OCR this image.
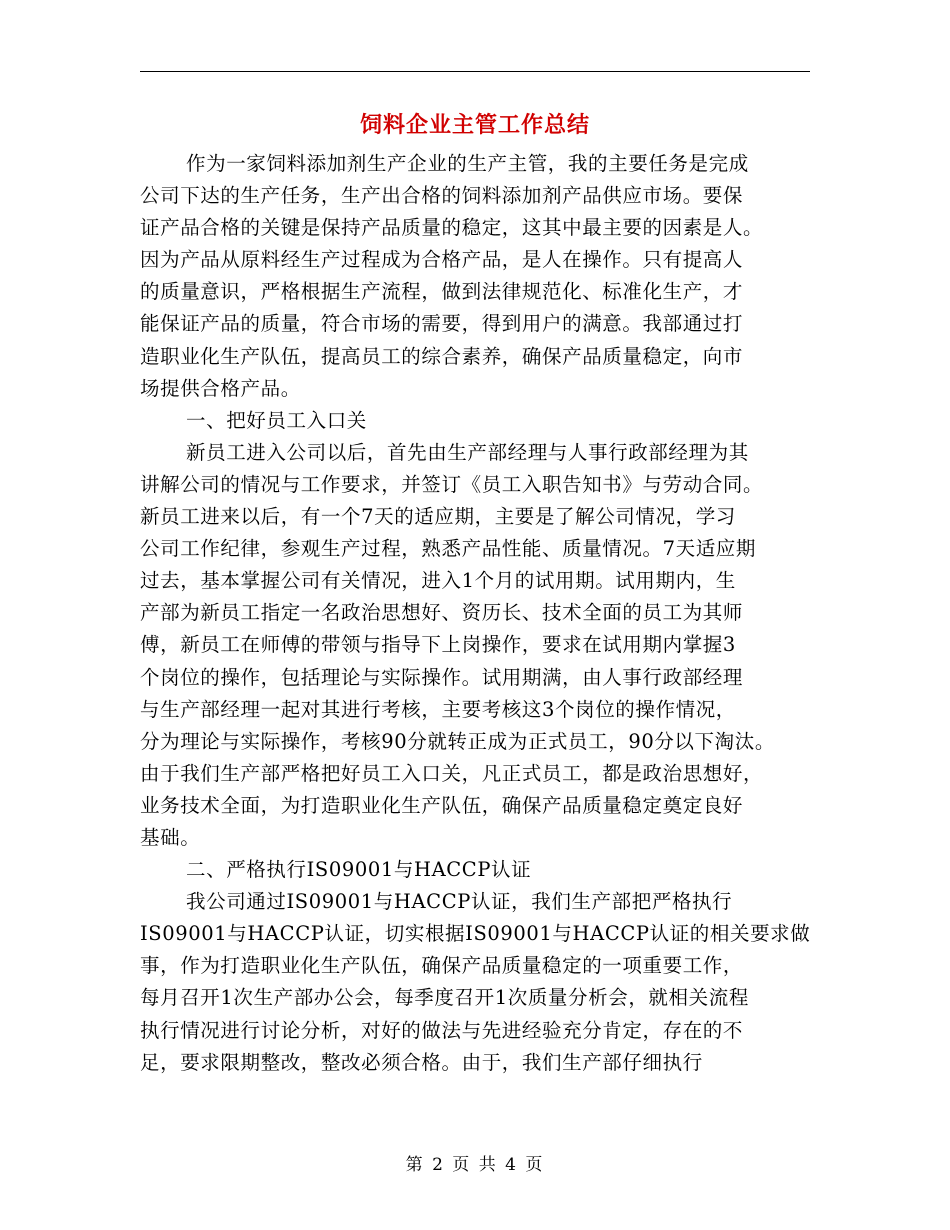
饲料企业主管工作总结
作为一家饲料添加剂生产企业的生产主管，我的主要任务是完成
公司下达的生产任务，生产出合格的饲料添加剂产品供应市场。要保
证产品合格的关键是保持产品质量的稳定，这其中最主要的因素是人。
因为产品从原料经生产过程成为合格产品，是人在操作。只有提高人
的质量意识，严格根据生产流程，做到法律规范化、标准化生产，才
能保证产品的质量，符合市场的需要，得到用户的满意。我部通过打
造职业化生产队伍，提高员工的综合素养，确保产品质量稳定，向市
场提供合格产品。
一、把好员工入口关
新员工进入公司以后，首先由生产部经理与人事行政部经理为其
讲解公司的情况与工作要求，并签订《员工入职告知书》与劳动合同。
新员工进来以后，有一个7天的适应期，主要是了解公司情况，学习
公司工作纪律，参观生产过程，熟悉产品性能、质量情况。7天适应期
过去，基本掌握公司有关情况，进入1个月的试用期。试用期内，生
产部为新员工指定一名政治思想好、资历长、技术全面的员工为其师
傅，新员工在师傅的带领与指导下上岗操作，要求在试用期内掌握3
个岗位的操作，包括理论与实际操作。试用期满，由人事行政部经理
与生产部经理一起对其进行考核，主要考核这3个岗位的操作情况，
分为理论与实际操作，考核90分就转正成为正式员工，90分以下淘汰。
由于我们生产部严格把好员工入口关，凡正式员工，都是政治思想好，
业务技术全面，为打造职业化生产队伍，确保产品质量稳定奠定良好
基础。
二、严格执行IS09001与HACCP认证
我公司通过IS09001与HACCP认证，我们生产部把严格执行
IS09001与HACCP认证，切实根据IS09001与HACCP认证的相关要求做
事，作为打造职业化生产队伍，确保产品质量稳定的一项重要工作，
每月召开1次生产部办公会，每季度召开1次质量分析会，就相关流程
执行情况进行讨论分析，对好的做法与先进经验充分肯定，存在的不
足，要求限期整改，整改必须合格。由于，我们生产部仔细执行
第 2 页 共 4 页
